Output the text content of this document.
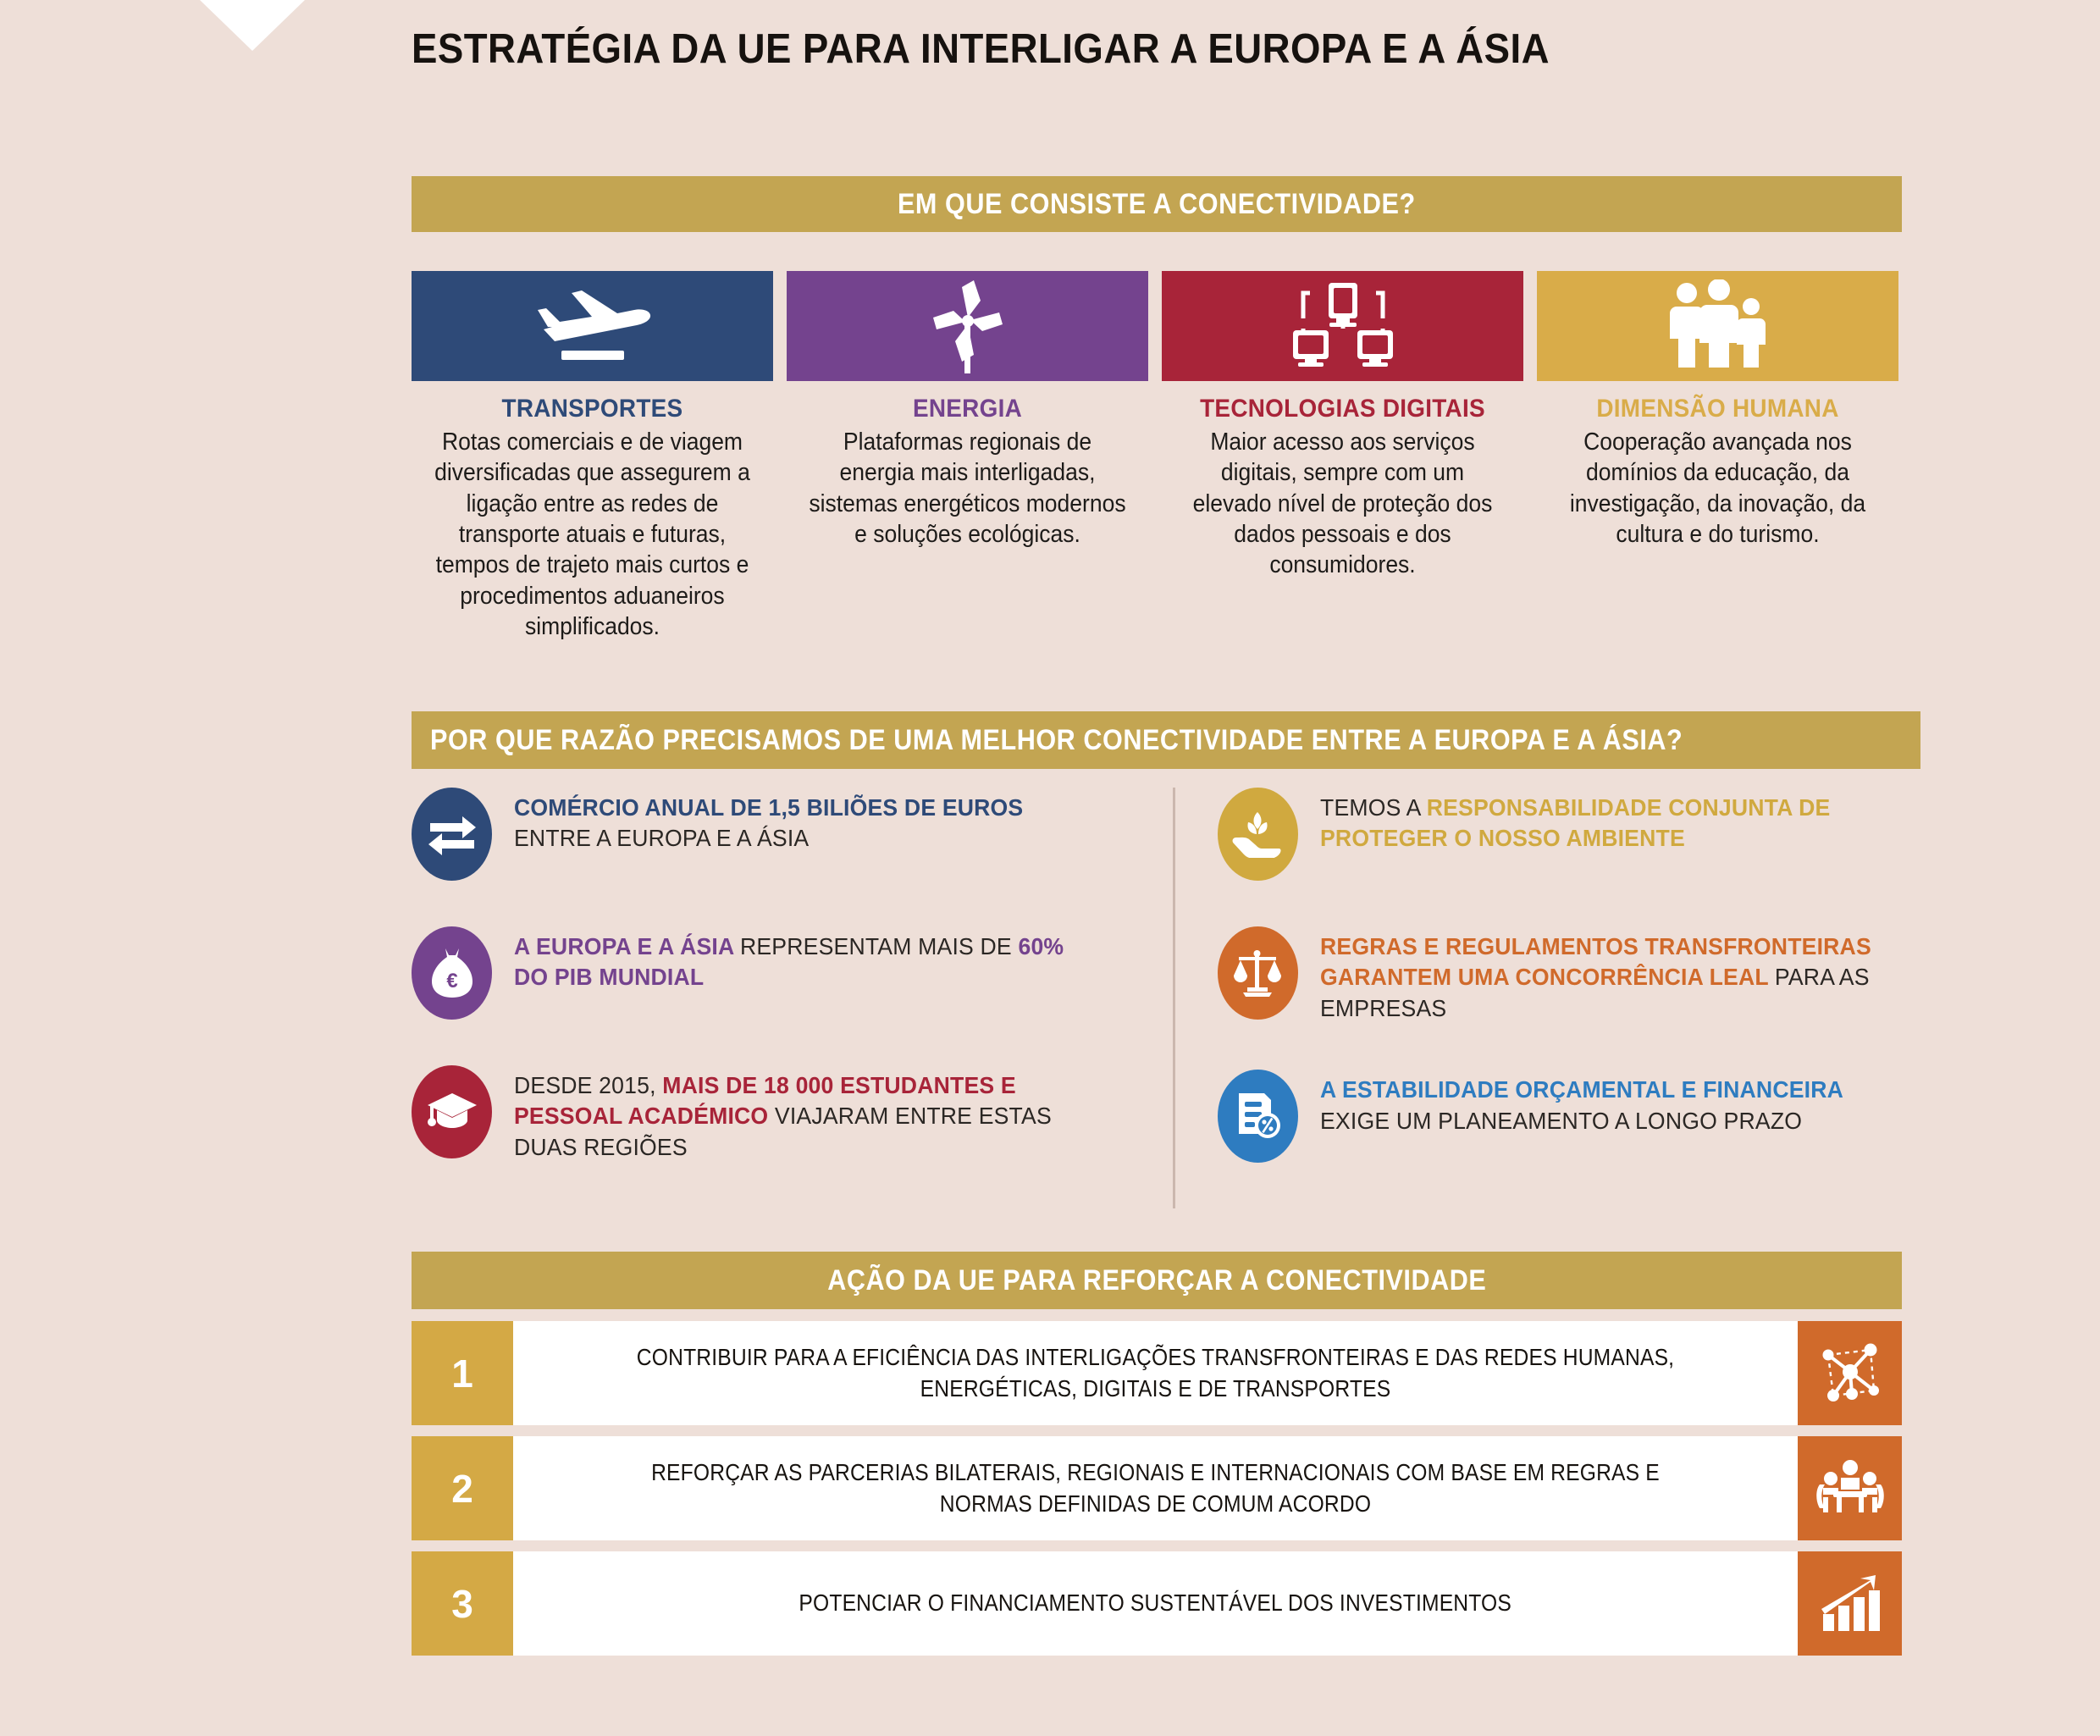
ESTRATÉGIA DA UE PARA INTERLIGAR A EUROPA E A ÁSIA
EM QUE CONSISTE A CONECTIVIDADE?
TRANSPORTES

Rotas comerciais e de viagem diversificadas que assegurem a ligação entre as redes de transporte atuais e futuras, tempos de trajeto mais curtos e procedimentos aduaneiros simplificados.

ENERGIA

Plataformas regionais de energia mais interligadas, sistemas energéticos modernos e soluções ecológicas.

TECNOLOGIAS DIGITAIS

Maior acesso aos serviços digitais, sempre com um elevado nível de proteção dos dados pessoais e dos consumidores.

DIMENSÃO HUMANA

Cooperação avançada nos domínios da educação, da investigação, da inovação, da cultura e do turismo.

POR QUE RAZÃO PRECISAMOS DE UMA MELHOR CONECTIVIDADE ENTRE A EUROPA E A ÁSIA?
COMÉRCIO ANUAL DE 1,5 BILIÕES DE EUROS ENTRE A EUROPA E A ÁSIA
€
A EUROPA E A ÁSIA REPRESENTAM MAIS DE 60% DO PIB MUNDIAL
DESDE 2015, MAIS DE 18 000 ESTUDANTES E PESSOAL ACADÉMICO VIAJARAM ENTRE ESTAS DUAS REGIÕES
TEMOS A RESPONSABILIDADE CONJUNTA DE PROTEGER O NOSSO AMBIENTE
REGRAS E REGULAMENTOS TRANSFRONTEIRAS GARANTEM UMA CONCORRÊNCIA LEAL PARA AS EMPRESAS
A ESTABILIDADE ORÇAMENTAL E FINANCEIRA EXIGE UM PLANEAMENTO A LONGO PRAZO
AÇÃO DA UE PARA REFORÇAR A CONECTIVIDADE
1	CONTRIBUIR PARA A EFICIÊNCIA DAS INTERLIGAÇÕES TRANSFRONTEIRAS E DAS REDES HUMANAS, ENERGÉTICAS, DIGITAIS E DE TRANSPORTES
2	REFORÇAR AS PARCERIAS BILATERAIS, REGIONAIS E INTERNACIONAIS COM BASE EM REGRAS E NORMAS DEFINIDAS DE COMUM ACORDO
3	POTENCIAR O FINANCIAMENTO SUSTENTÁVEL DOS INVESTIMENTOS
